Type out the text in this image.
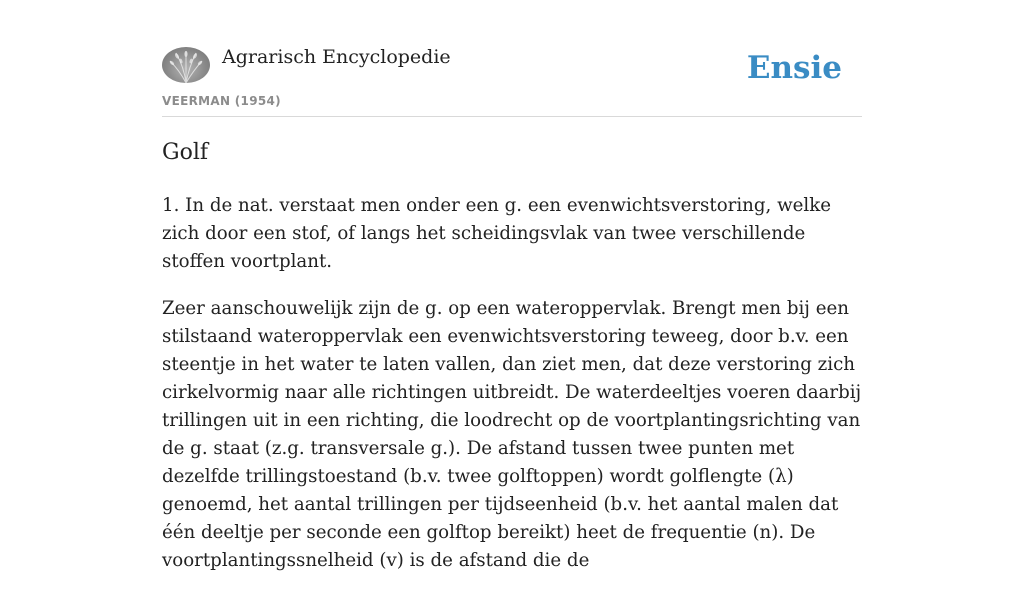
Agrarisch Encyclopedie
VEERMAN (1954)
Ensie
Golf

1. In de nat. verstaat men onder een g. een evenwichtsverstoring, welke zich door een stof, of langs het scheidingsvlak van twee verschillende stoffen voortplant.

Zeer aanschouwelijk zijn de g. op een wateroppervlak. Brengt men bij een stilstaand wateroppervlak een evenwichtsverstoring teweeg, door b.v. een steentje in het water te laten vallen, dan ziet men, dat deze verstoring zich cirkelvormig naar alle richtingen uitbreidt. De waterdeeltjes voeren daarbij trillingen uit in een richting, die loodrecht op de voortplantingsrichting van de g. staat (z.g. transversale g.). De afstand tussen twee punten met dezelfde trillingstoestand (b.v. twee golftoppen) wordt golflengte (λ) genoemd, het aantal trillingen per tijdseenheid (b.v. het aantal malen dat één deeltje per seconde een golftop bereikt) heet de frequentie (n). De voortplantingssnelheid (v) is de afstand die de
